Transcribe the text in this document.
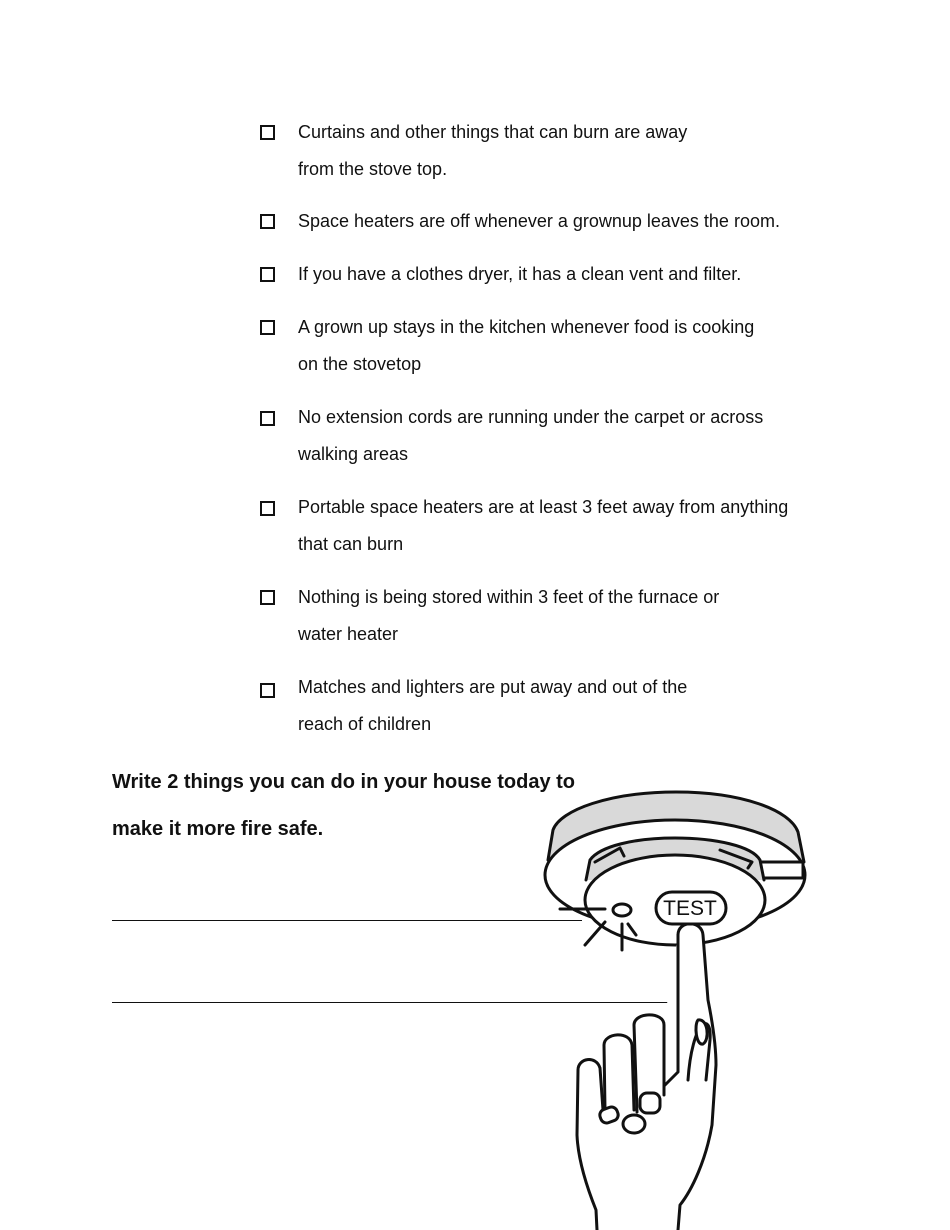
Curtains and other things that can burn are away
from the stove top.
Space heaters are off whenever a grownup leaves the room.
If you have a clothes dryer, it has a clean vent and filter.
A grown up stays in the kitchen whenever food is cooking
on the stovetop
No extension cords are running under the carpet or across
walking areas
Portable space heaters are at least 3 feet away from anything
that can burn
Nothing is being stored within 3 feet of the furnace or
water heater
Matches and lighters are put away and out of the
reach of children
Write 2 things you can do in your house today to
make it more fire safe.
TEST
